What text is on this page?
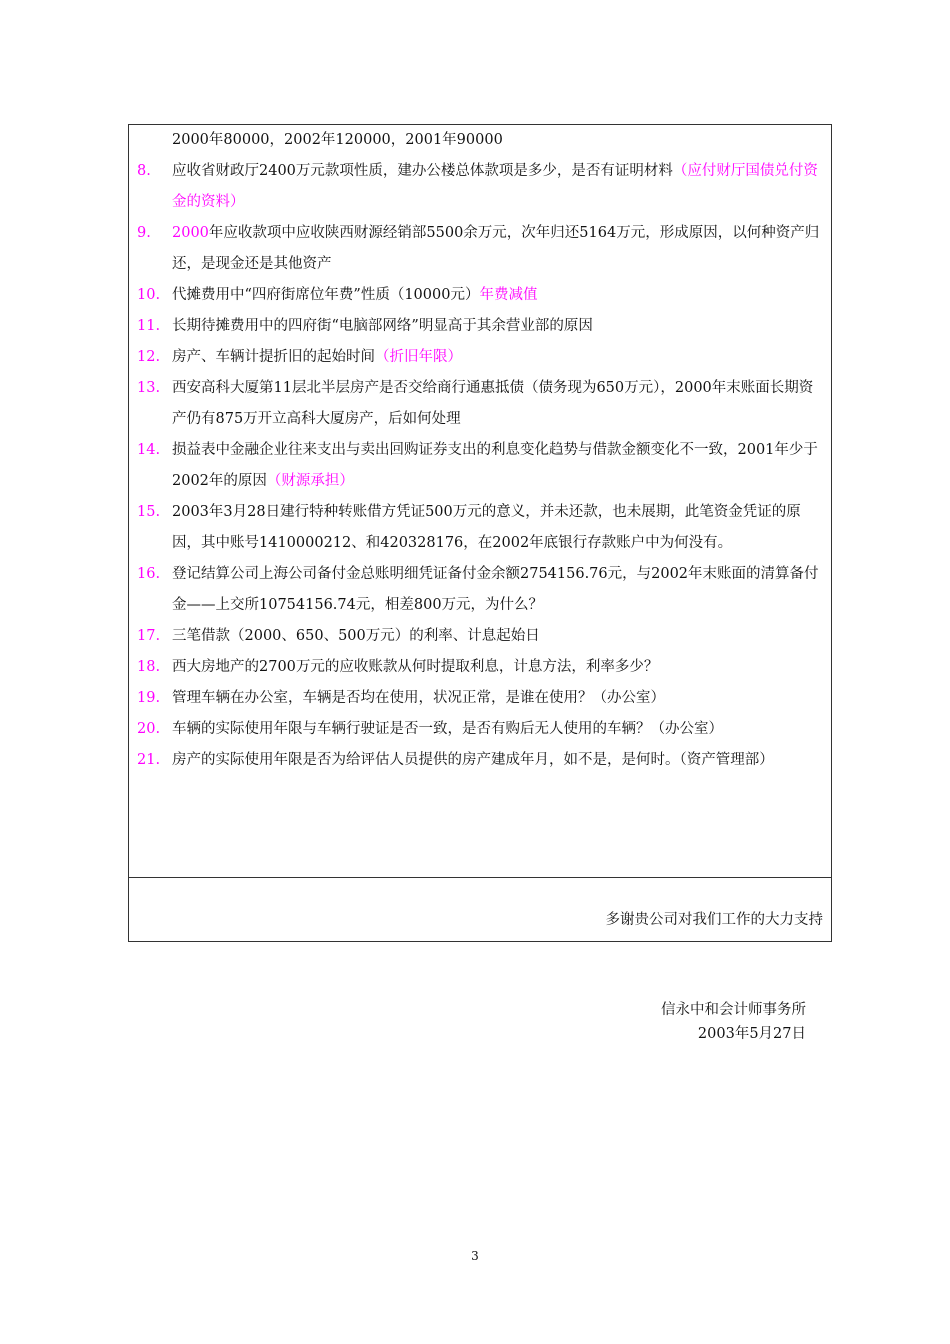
2000年80000，2002年120000，2001年90000
8. 应收省财政厅2400万元款项性质，建办公楼总体款项是多少，是否有证明材料（应付财厅国债兑付资金的资料）
9. 2000年应收款项中应收陕西财源经销部5500余万元，次年归还5164万元，形成原因，以何种资产归还，是现金还是其他资产
10. 代摊费用中“四府街席位年费”性质（10000元）年费减值
11. 长期待摊费用中的四府街“电脑部网络”明显高于其余营业部的原因
12. 房产、车辆计提折旧的起始时间（折旧年限）
13. 西安高科大厦第11层北半层房产是否交给商行通惠抵债（债务现为650万元），2000年末账面长期资产仍有875万开立高科大厦房产，后如何处理
14. 损益表中金融企业往来支出与卖出回购证券支出的利息变化趋势与借款金额变化不一致，2001年少于2002年的原因（财源承担）
15. 2003年3月28日建行特种转账借方凭证500万元的意义，并未还款，也未展期，此笔资金凭证的原因，其中账号1410000212、和420328176，在2002年底银行存款账户中为何没有。
16. 登记结算公司上海公司备付金总账明细凭证备付金余额2754156.76元，与2002年末账面的清算备付金——上交所10754156.74元，相差800万元，为什么？
17. 三笔借款（2000、650、500万元）的利率、计息起始日
18. 西大房地产的2700万元的应收账款从何时提取利息，计息方法，利率多少？
19. 管理车辆在办公室，车辆是否均在使用，状况正常，是谁在使用？（办公室）
20. 车辆的实际使用年限与车辆行驶证是否一致，是否有购后无人使用的车辆？（办公室）
21. 房产的实际使用年限是否为给评估人员提供的房产建成年月，如不是，是何时。（资产管理部）
多谢贵公司对我们工作的大力支持
信永中和会计师事务所
2003年5月27日
3
